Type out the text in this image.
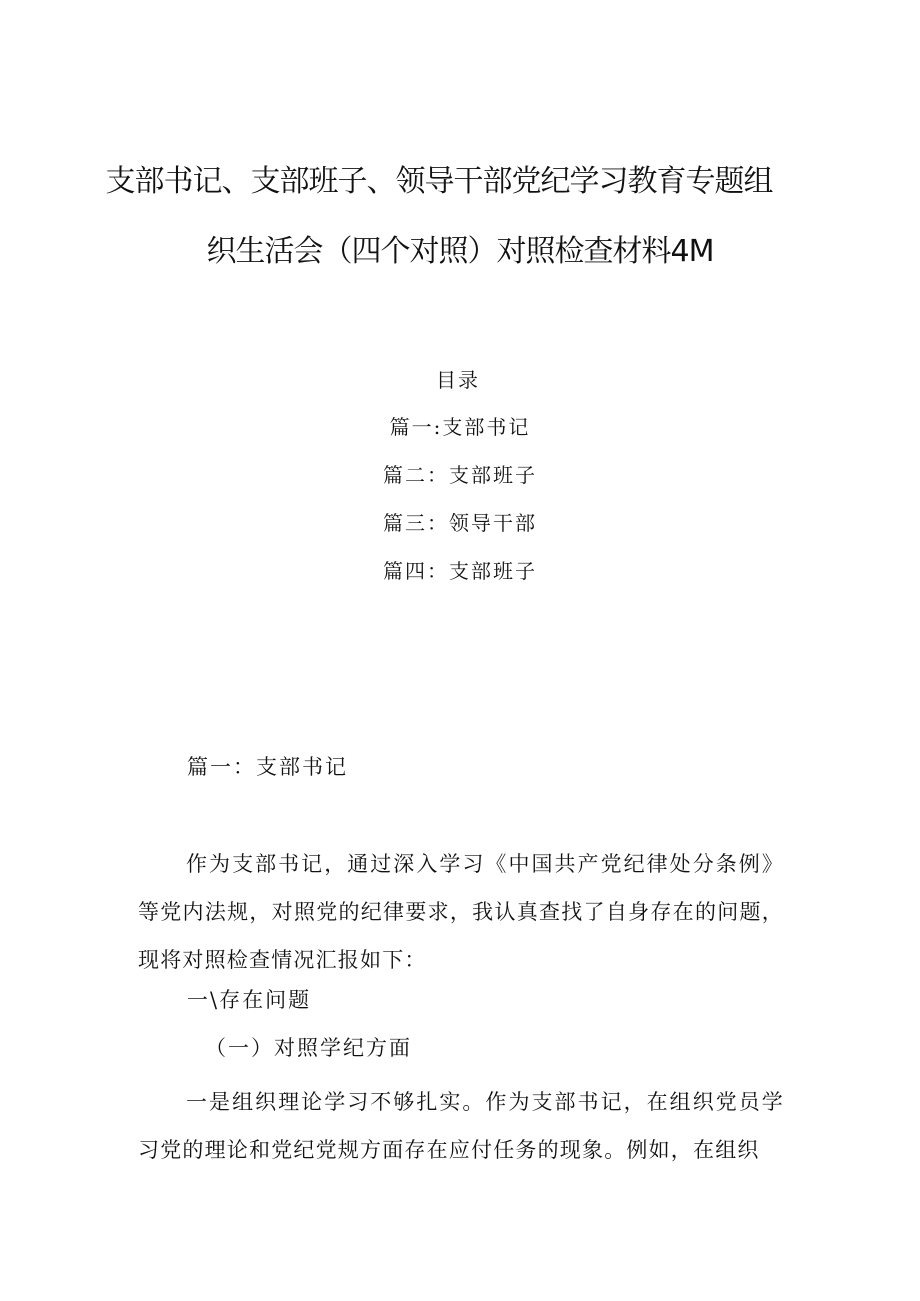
支部书记、支部班子、领导干部党纪学习教育专题组
织生活会（四个对照）对照检查材料4M
目录
篇一:支部书记
篇二：支部班子
篇三：领导干部
篇四：支部班子
篇一：支部书记
作为支部书记，通过深入学习《中国共产党纪律处分条例》等党内法规，对照党的纪律要求，我认真查找了自身存在的问题，现将对照检查情况汇报如下：
一\存在问题
（一）对照学纪方面
一是组织理论学习不够扎实。作为支部书记，在组织党员学习党的理论和党纪党规方面存在应付任务的现象。例如，在组织
